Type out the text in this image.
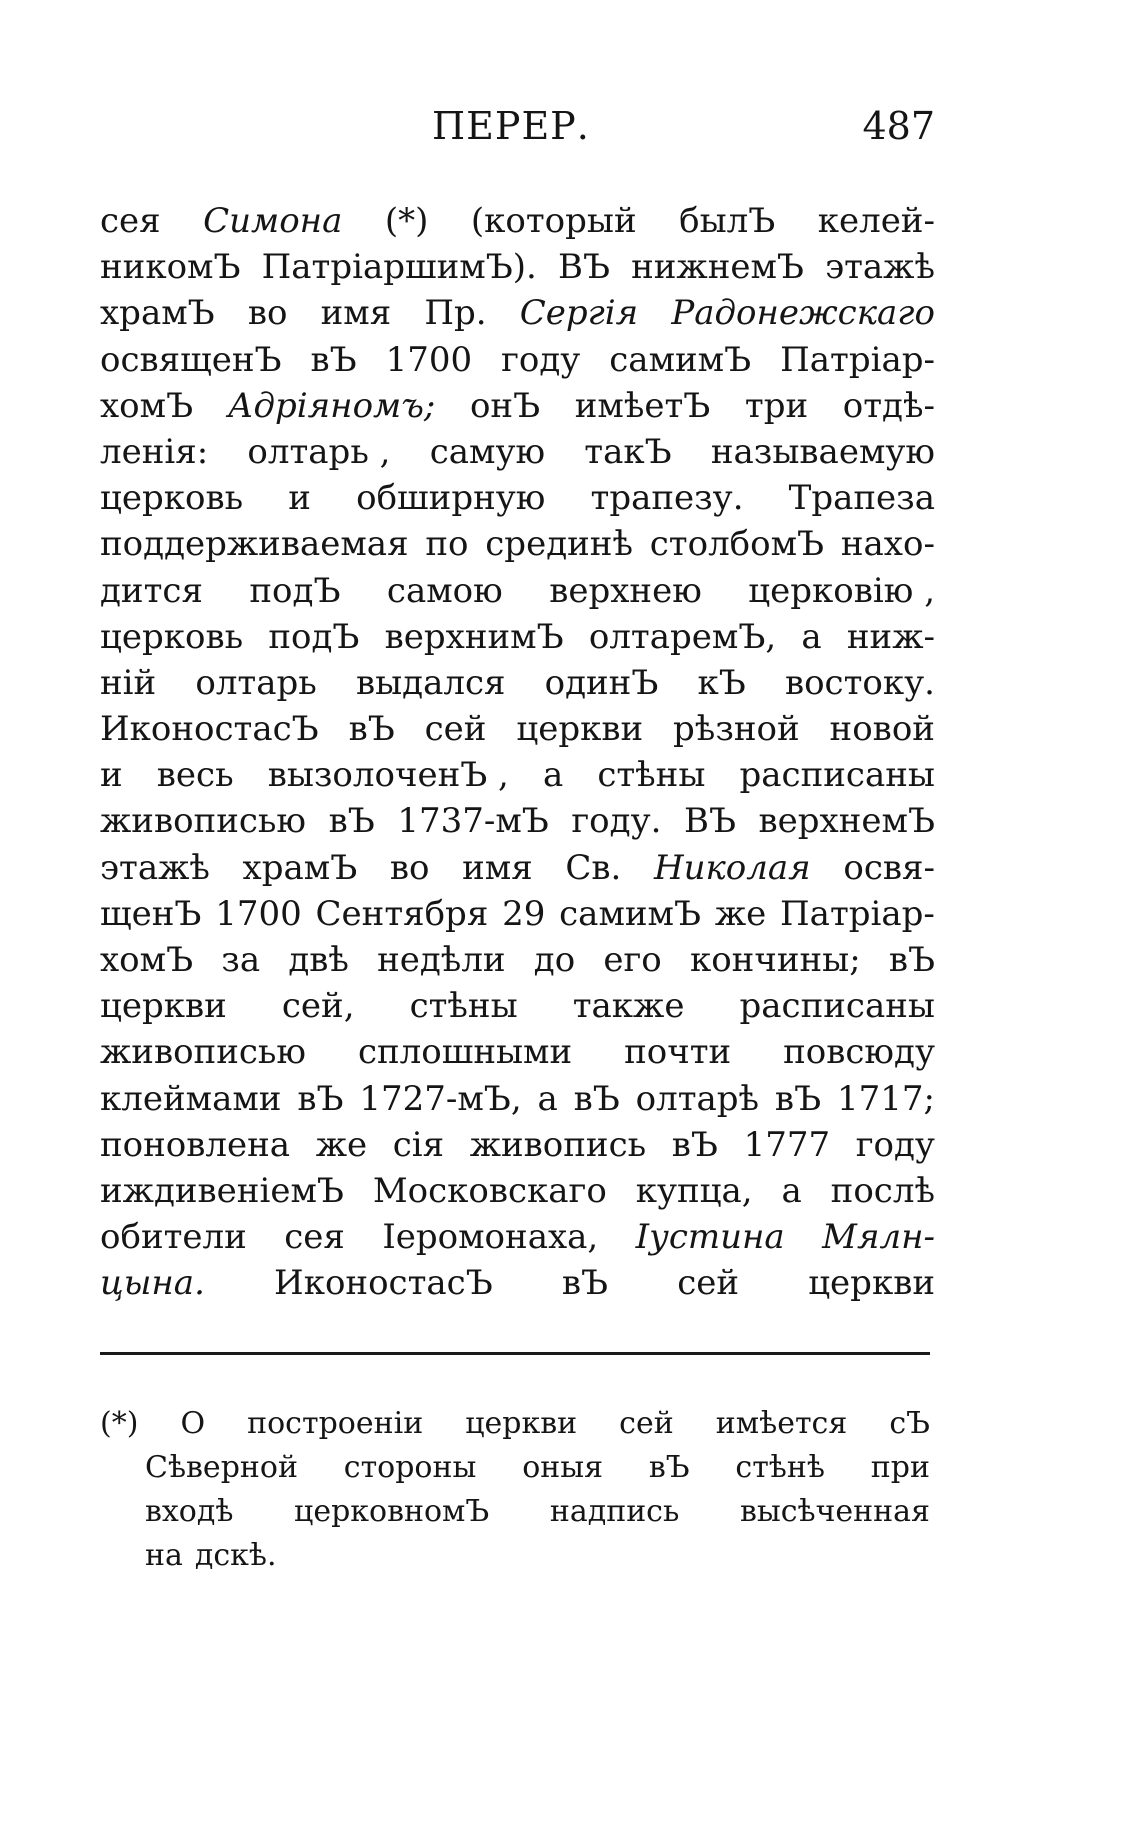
ПЕРЕР.	487
сея Симона (*) (который былЪ келей-
никомЪ ПатріаршимЪ). ВЪ нижнемЪ этажѣ
храмЪ во имя Пр. Сергія Радонежскаго
освященЪ вЪ 1700 году самимЪ Патріар-
хомЪ Адріяномъ; онЪ имѣетЪ три отдѣ-
ленія: олтарь , самую такЪ называемую
церковь и обширную трапезу. Трапеза
поддерживаемая по срединѣ столбомЪ нахо-
дится подЪ самою верхнею церковію ,
церковь подЪ верхнимЪ олтаремЪ, а ниж-
ній олтарь выдался одинЪ кЪ востоку.
ИконостасЪ вЪ сей церкви рѣзной новой
и весь вызолоченЪ , а стѣны расписаны
живописью вЪ 1737-мЪ году. ВЪ верхнемЪ
этажѣ храмЪ во имя Св. Николая освя-
щенЪ 1700 Сентября 29 самимЪ же Патріар-
хомЪ за двѣ недѣли до его кончины; вЪ
церкви сей, стѣны также расписаны
живописью сплошными почти повсюду
клеймами вЪ 1727-мЪ, а вЪ олтарѣ вЪ 1717;
поновлена же сія живопись вЪ 1777 году
иждивеніемЪ Московскаго купца, а послѣ
обители сея Іеромонаха, Іустина Мялн-
цына. ИконостасЪ вЪ сей церкви
(*) О построеніи церкви сей имѣется сЪ
Сѣверной стороны оныя вЪ стѣнѣ при
входѣ церковномЪ надпись высѣченная
на дскѣ.
